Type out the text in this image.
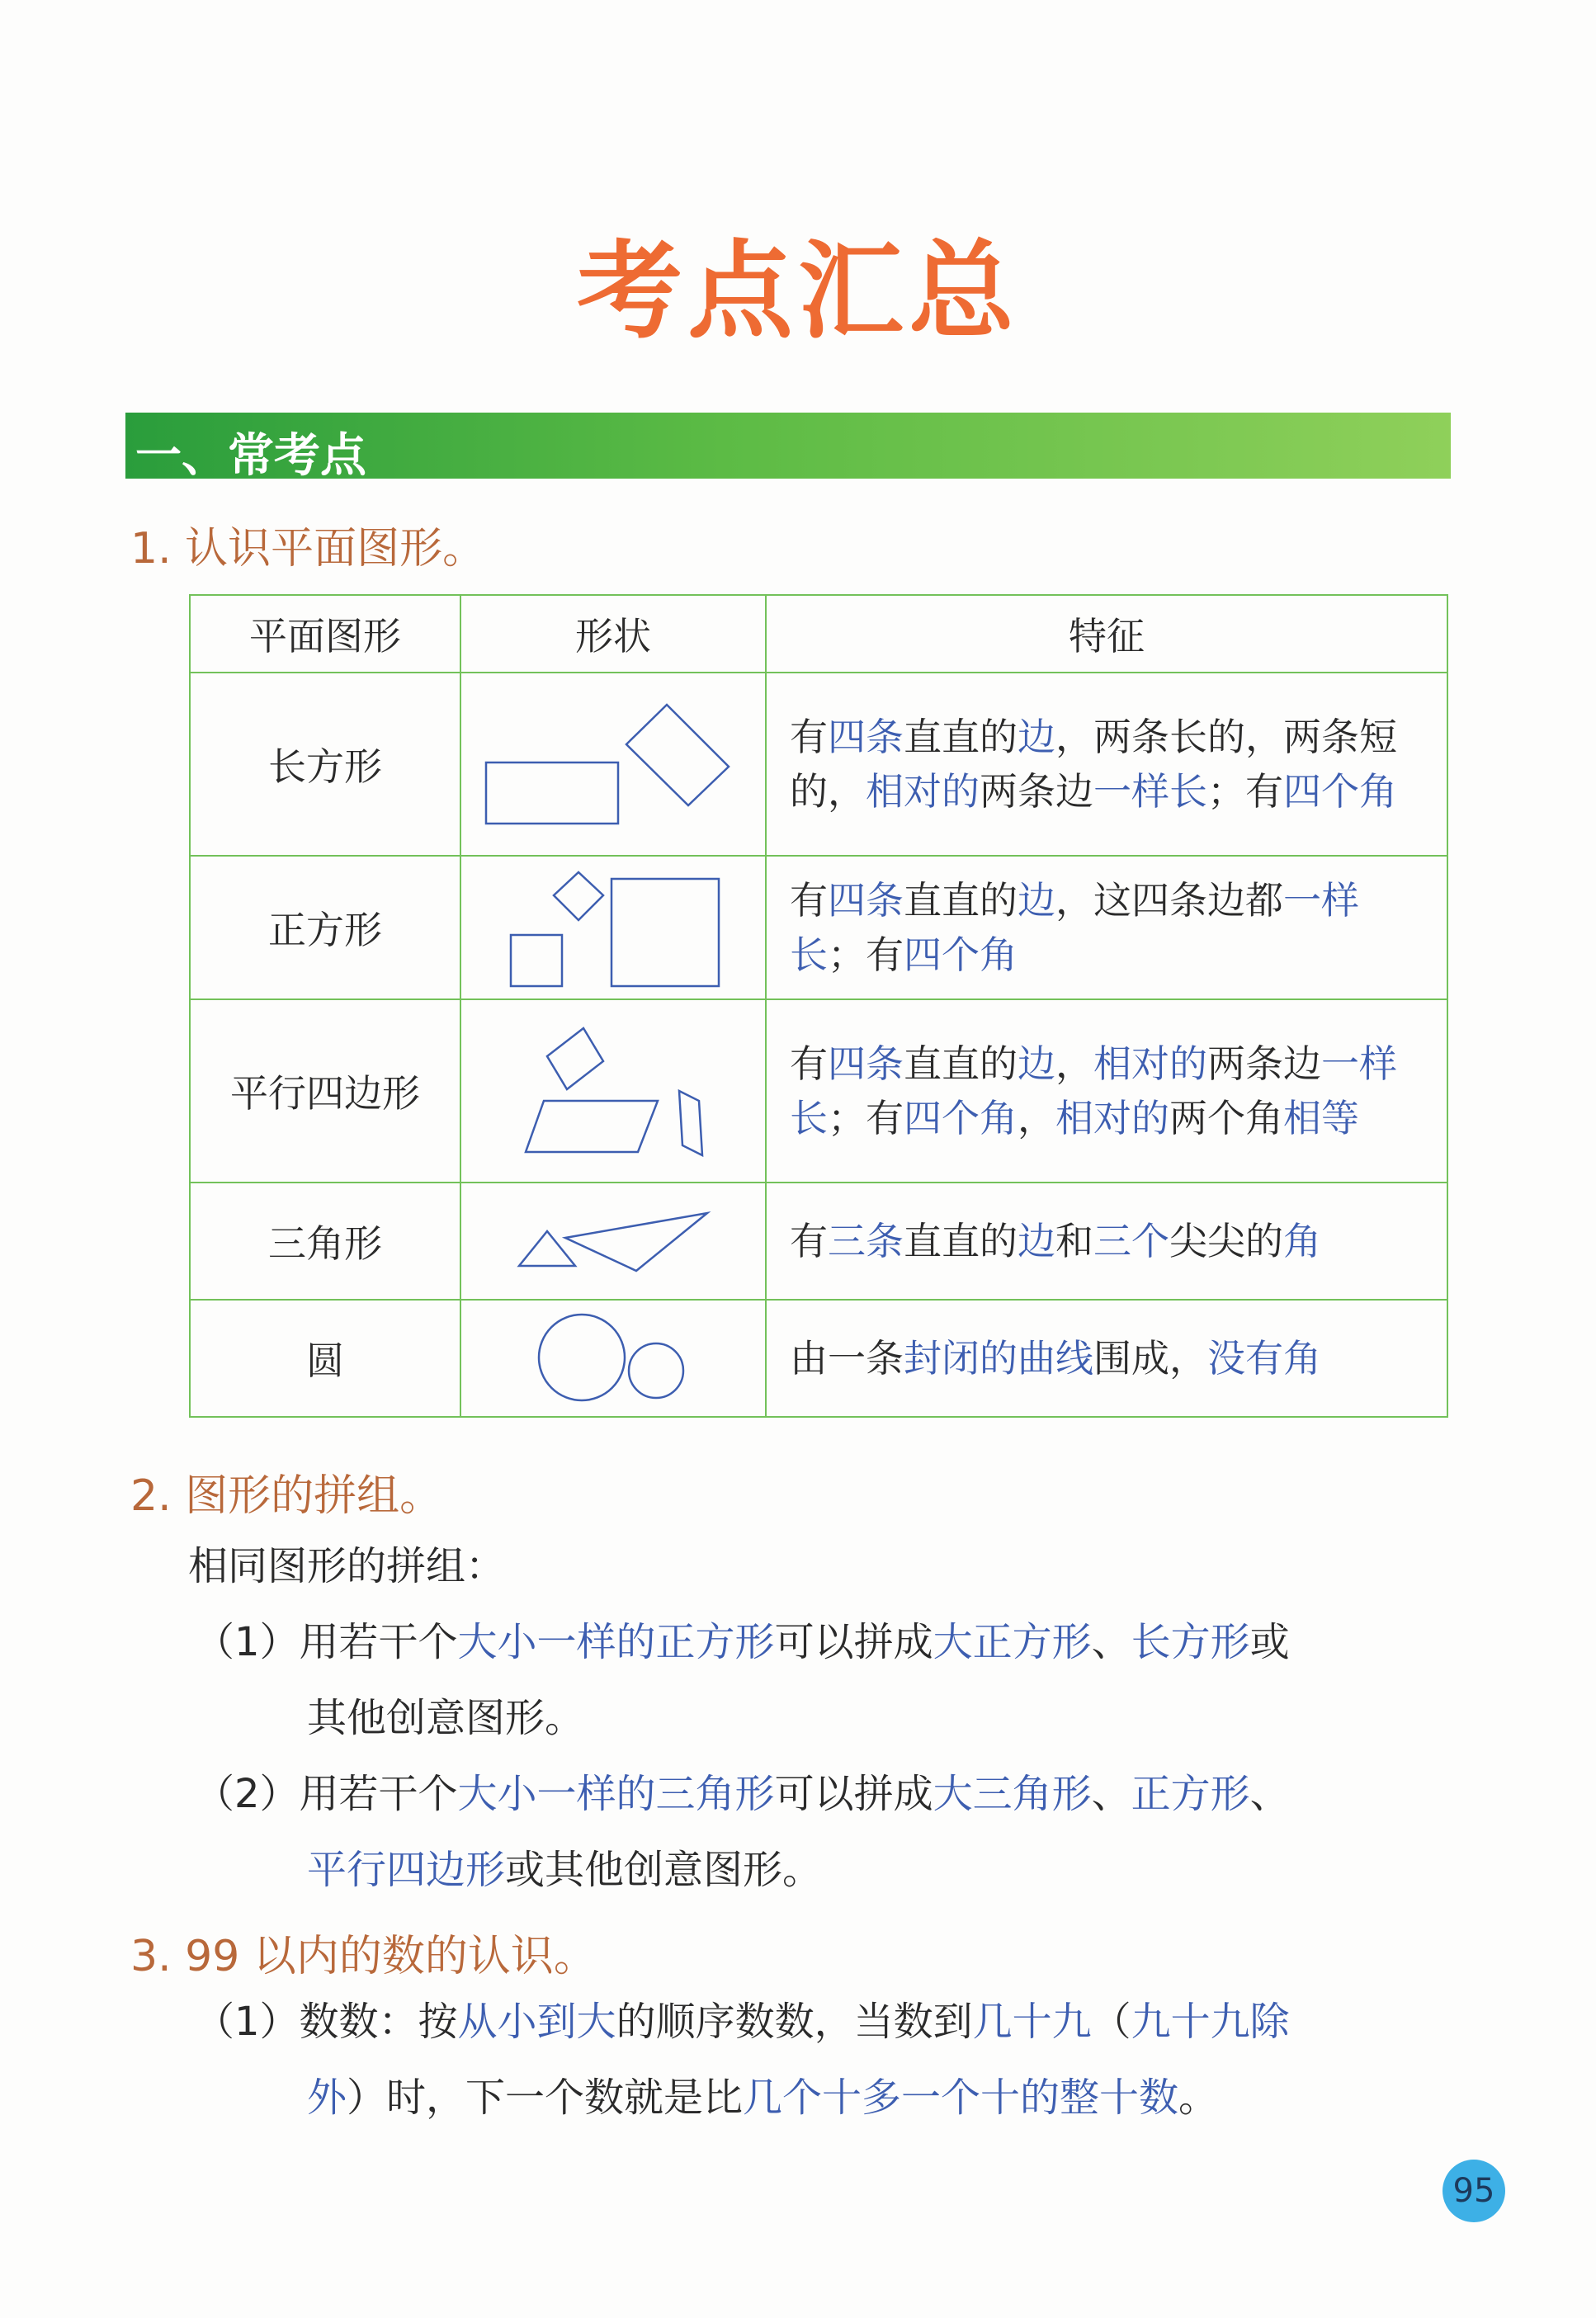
考点汇总
一、常考点
1. 认识平面图形。
平面图形	形状	特征
长方形		有四条直直的边，两条长的，两条短的，相对的两条边一样长；有四个角
正方形		有四条直直的边，这四条边都一样长；有四个角
平行四边形		有四条直直的边，相对的两条边一样长；有四个角，相对的两个角相等
三角形		有三条直直的边和三个尖尖的角
圆		由一条封闭的曲线围成，没有角
2. 图形的拼组。
相同图形的拼组：
（1）用若干个大小一样的正方形可以拼成大正方形、长方形或
其他创意图形。
（2）用若干个大小一样的三角形可以拼成大三角形、正方形、
平行四边形或其他创意图形。
3. 99 以内的数的认识。
（1）数数：按从小到大的顺序数数，当数到几十九（九十九除
外）时，下一个数就是比几个十多一个十的整十数。
95
